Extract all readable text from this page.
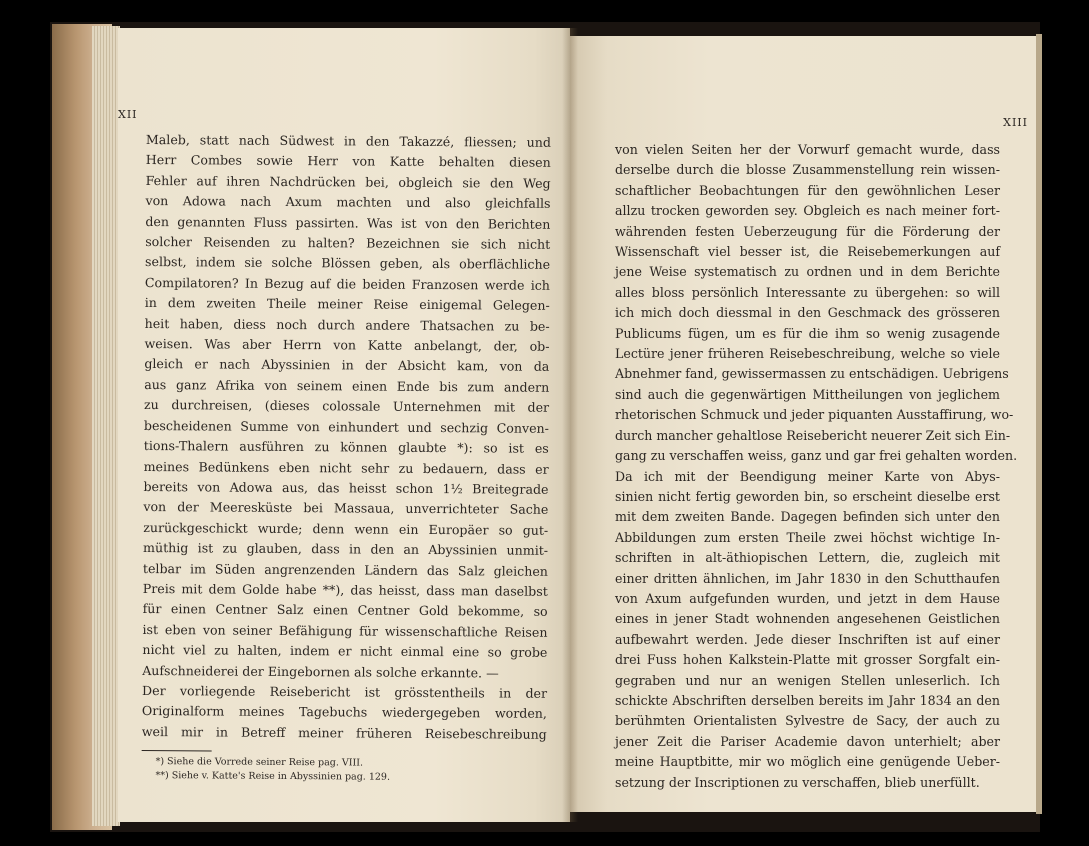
XII
Maleb, statt nach Südwest in den Takazzé, fliessen; und
Herr Combes sowie Herr von Katte behalten diesen
Fehler auf ihren Nachdrücken bei, obgleich sie den Weg
von Adowa nach Axum machten und also gleichfalls
den genannten Fluss passirten. Was ist von den Berichten
solcher Reisenden zu halten? Bezeichnen sie sich nicht
selbst, indem sie solche Blössen geben, als oberflächliche
Compilatoren? In Bezug auf die beiden Franzosen werde ich
in dem zweiten Theile meiner Reise einigemal Gelegen-
heit haben, diess noch durch andere Thatsachen zu be-
weisen. Was aber Herrn von Katte anbelangt, der, ob-
gleich er nach Abyssinien in der Absicht kam, von da
aus ganz Afrika von seinem einen Ende bis zum andern
zu durchreisen, (dieses colossale Unternehmen mit der
bescheidenen Summe von einhundert und sechzig Conven-
tions-Thalern ausführen zu können glaubte *): so ist es
meines Bedünkens eben nicht sehr zu bedauern, dass er
bereits von Adowa aus, das heisst schon 1½ Breitegrade
von der Meeresküste bei Massaua, unverrichteter Sache
zurückgeschickt wurde; denn wenn ein Europäer so gut-
müthig ist zu glauben, dass in den an Abyssinien unmit-
telbar im Süden angrenzenden Ländern das Salz gleichen
Preis mit dem Golde habe **), das heisst, dass man daselbst
für einen Centner Salz einen Centner Gold bekomme, so
ist eben von seiner Befähigung für wissenschaftliche Reisen
nicht viel zu halten, indem er nicht einmal eine so grobe
Aufschneiderei der Eingebornen als solche erkannte. —
Der vorliegende Reisebericht ist grösstentheils in der
Originalform meines Tagebuchs wiedergegeben worden,
weil mir in Betreff meiner früheren Reisebeschreibung
*) Siehe die Vorrede seiner Reise pag. VIII.
**) Siehe v. Katte's Reise in Abyssinien pag. 129.
XIII
von vielen Seiten her der Vorwurf gemacht wurde, dass
derselbe durch die blosse Zusammenstellung rein wissen-
schaftlicher Beobachtungen für den gewöhnlichen Leser
allzu trocken geworden sey. Obgleich es nach meiner fort-
währenden festen Ueberzeugung für die Förderung der
Wissenschaft viel besser ist, die Reisebemerkungen auf
jene Weise systematisch zu ordnen und in dem Berichte
alles bloss persönlich Interessante zu übergehen: so will
ich mich doch diessmal in den Geschmack des grösseren
Publicums fügen, um es für die ihm so wenig zusagende
Lectüre jener früheren Reisebeschreibung, welche so viele
Abnehmer fand, gewissermassen zu entschädigen. Uebrigens
sind auch die gegenwärtigen Mittheilungen von jeglichem
rhetorischen Schmuck und jeder piquanten Ausstaffirung, wo-
durch mancher gehaltlose Reisebericht neuerer Zeit sich Ein-
gang zu verschaffen weiss, ganz und gar frei gehalten worden.
Da ich mit der Beendigung meiner Karte von Abys-
sinien nicht fertig geworden bin, so erscheint dieselbe erst
mit dem zweiten Bande. Dagegen befinden sich unter den
Abbildungen zum ersten Theile zwei höchst wichtige In-
schriften in alt-äthiopischen Lettern, die, zugleich mit
einer dritten ähnlichen, im Jahr 1830 in den Schutthaufen
von Axum aufgefunden wurden, und jetzt in dem Hause
eines in jener Stadt wohnenden angesehenen Geistlichen
aufbewahrt werden. Jede dieser Inschriften ist auf einer
drei Fuss hohen Kalkstein-Platte mit grosser Sorgfalt ein-
gegraben und nur an wenigen Stellen unleserlich. Ich
schickte Abschriften derselben bereits im Jahr 1834 an den
berühmten Orientalisten Sylvestre de Sacy, der auch zu
jener Zeit die Pariser Academie davon unterhielt; aber
meine Hauptbitte, mir wo möglich eine genügende Ueber-
setzung der Inscriptionen zu verschaffen, blieb unerfüllt.
